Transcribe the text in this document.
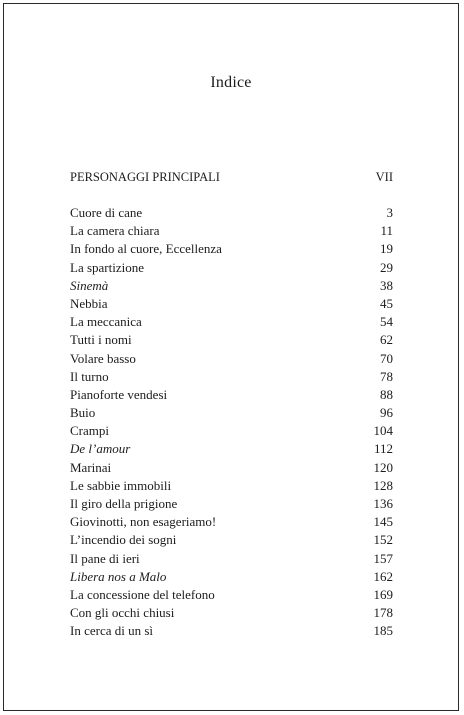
Indice
PERSONAGGI PRINCIPALI	VII
Cuore di cane	3
La camera chiara	11
In fondo al cuore, Eccellenza	19
La spartizione	29
Sinemà	38
Nebbia	45
La meccanica	54
Tutti i nomi	62
Volare basso	70
Il turno	78
Pianoforte vendesi	88
Buio	96
Crampi	104
De l’amour	112
Marinai	120
Le sabbie immobili	128
Il giro della prigione	136
Giovinotti, non esageriamo!	145
L’incendio dei sogni	152
Il pane di ieri	157
Libera nos a Malo	162
La concessione del telefono	169
Con gli occhi chiusi	178
In cerca di un sì	185
